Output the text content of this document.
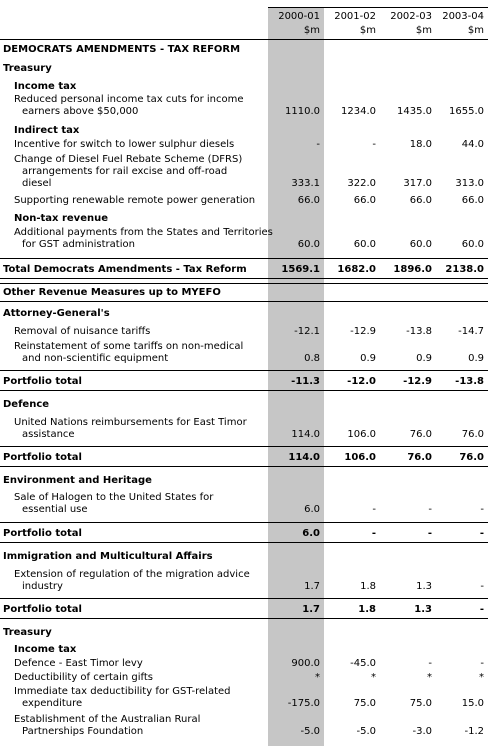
2000-01	2001-02	2002-03	2003-04
$m	$m	$m	$m
DEMOCRATS AMENDMENTS - TAX REFORM
Treasury
Income tax
Reduced personal income tax cuts for income
earners above $50,000	1110.0	1234.0	1435.0	1655.0
Indirect tax
Incentive for switch to lower sulphur diesels	-	-	18.0	44.0
Change of Diesel Fuel Rebate Scheme (DFRS)
arrangements for rail excise and off-road
diesel	333.1	322.0	317.0	313.0
Supporting renewable remote power generation	66.0	66.0	66.0	66.0
Non-tax revenue
Additional payments from the States and Territories
for GST administration	60.0	60.0	60.0	60.0
Total Democrats Amendments - Tax Reform	1569.1	1682.0	1896.0	2138.0
Other Revenue Measures up to MYEFO
Attorney-General's
Removal of nuisance tariffs	-12.1	-12.9	-13.8	-14.7
Reinstatement of some tariffs on non-medical
and non-scientific equipment	0.8	0.9	0.9	0.9
Portfolio total	-11.3	-12.0	-12.9	-13.8
Defence
United Nations reimbursements for East Timor
assistance	114.0	106.0	76.0	76.0
Portfolio total	114.0	106.0	76.0	76.0
Environment and Heritage
Sale of Halogen to the United States for
essential use	6.0	-	-	-
Portfolio total	6.0	-	-	-
Immigration and Multicultural Affairs
Extension of regulation of the migration advice
industry	1.7	1.8	1.3	-
Portfolio total	1.7	1.8	1.3	-
Treasury
Income tax
Defence - East Timor levy	900.0	-45.0	-	-
Deductibility of certain gifts	*	*	*	*
Immediate tax deductibility for GST-related
expenditure	-175.0	75.0	75.0	15.0
Establishment of the Australian Rural
Partnerships Foundation	-5.0	-5.0	-3.0	-1.2
